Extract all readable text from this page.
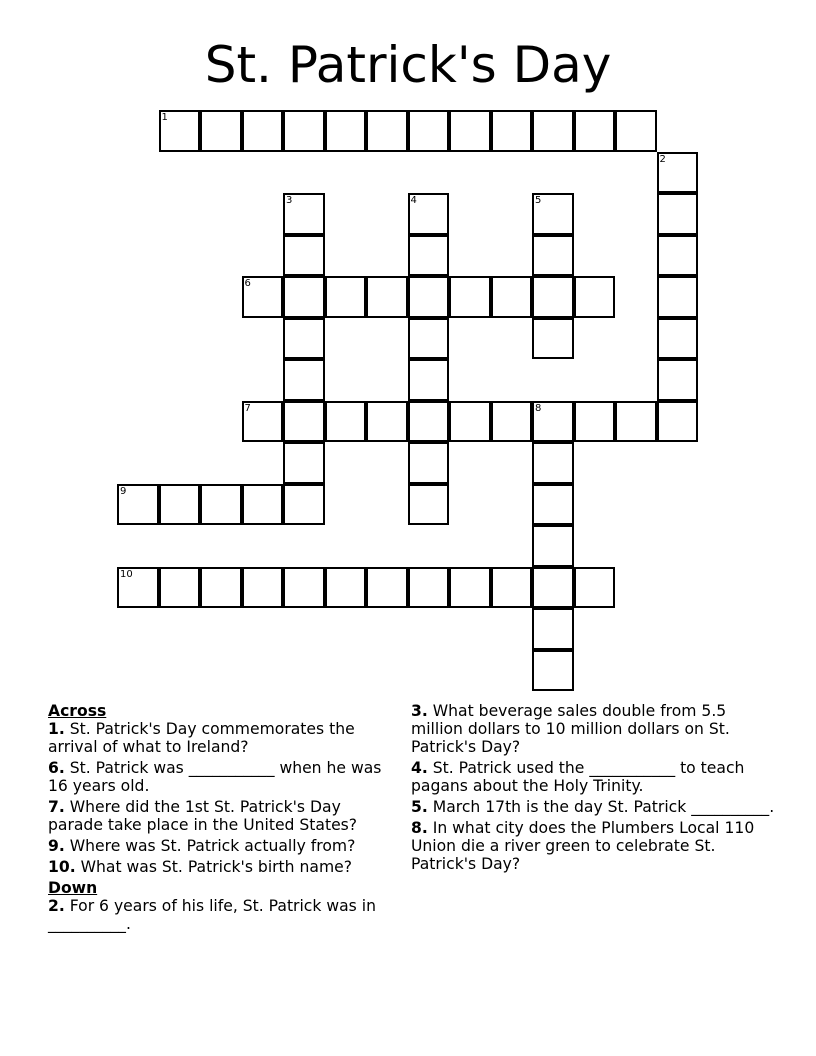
St. Patrick's Day
1
2
3	4	5
6
7	8
9
10
Across
1. St. Patrick's Day commemorates the arrival of what to Ireland?
6. St. Patrick was ___________ when he was 16 years old.
7. Where did the 1st St. Patrick's Day parade take place in the United States?
9. Where was St. Patrick actually from?
10. What was St. Patrick's birth name?
Down
2. For 6 years of his life, St. Patrick was in __________.
3. What beverage sales double from 5.5 million dollars to 10 million dollars on St. Patrick's Day?
4. St. Patrick used the ___________ to teach pagans about the Holy Trinity.
5. March 17th is the day St. Patrick __________.
8. In what city does the Plumbers Local 110 Union die a river green to celebrate St. Patrick's Day?
